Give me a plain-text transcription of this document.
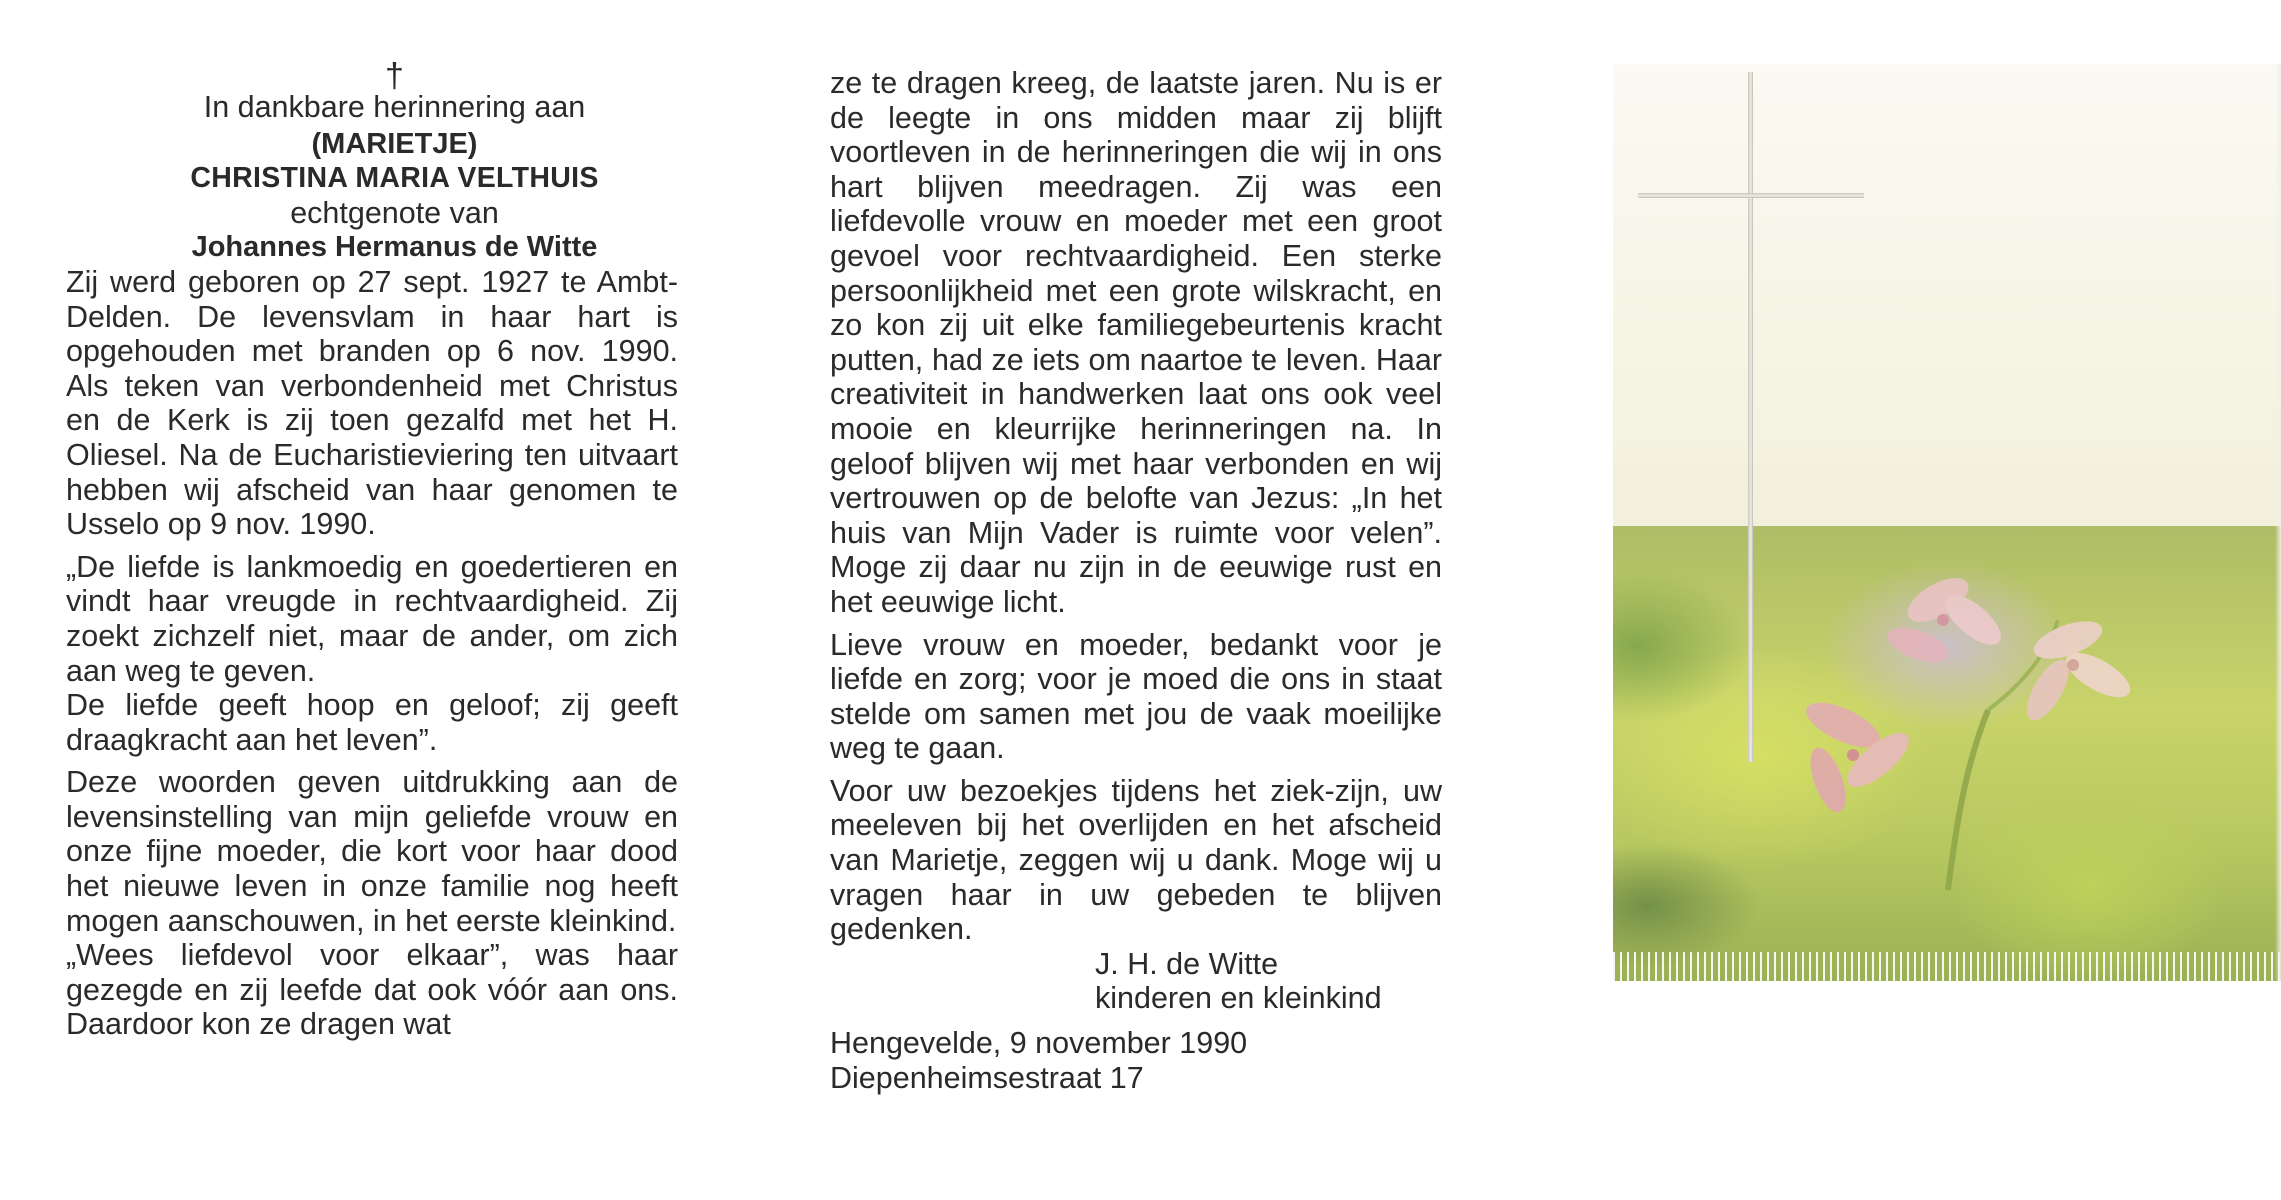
†
In dankbare herinnering aan
(MARIETJE)
CHRISTINA MARIA VELTHUIS
echtgenote van
Johannes Hermanus de Witte

Zij werd geboren op 27 sept. 1927 te Ambt-Delden. De levensvlam in haar hart is opgehouden met branden op 6 nov. 1990. Als teken van verbondenheid met Christus en de Kerk is zij toen gezalfd met het H. Oliesel. Na de Eucharistieviering ten uitvaart hebben wij afscheid van haar genomen te Usselo op 9 nov. 1990.

„De liefde is lankmoedig en goedertieren en vindt haar vreugde in rechtvaardigheid. Zij zoekt zichzelf niet, maar de ander, om zich aan weg te geven.

De liefde geeft hoop en geloof; zij geeft draagkracht aan het leven”.

Deze woorden geven uitdrukking aan de levensinstelling van mijn geliefde vrouw en onze fijne moeder, die kort voor haar dood het nieuwe leven in onze familie nog heeft mogen aanschouwen, in het eerste kleinkind.

„Wees liefdevol voor elkaar”, was haar gezegde en zij leefde dat ook vóór aan ons. Daardoor kon ze dragen wat

ze te dragen kreeg, de laatste jaren. Nu is er de leegte in ons midden maar zij blijft voortleven in de herinneringen die wij in ons hart blijven meedragen. Zij was een liefdevolle vrouw en moeder met een groot gevoel voor rechtvaardigheid. Een sterke persoonlijkheid met een grote wilskracht, en zo kon zij uit elke familiegebeurtenis kracht putten, had ze iets om naartoe te leven. Haar creativiteit in handwerken laat ons ook veel mooie en kleurrijke herinneringen na. In geloof blijven wij met haar verbonden en wij vertrouwen op de belofte van Jezus: „In het huis van Mijn Vader is ruimte voor velen”. Moge zij daar nu zijn in de eeuwige rust en het eeuwige licht.

Lieve vrouw en moeder, bedankt voor je liefde en zorg; voor je moed die ons in staat stelde om samen met jou de vaak moeilijke weg te gaan.

Voor uw bezoekjes tijdens het ziek-zijn, uw meeleven bij het overlijden en het afscheid van Marietje, zeggen wij u dank. Moge wij u vragen haar in uw gebeden te blijven gedenken.

J. H. de Witte
kinderen en kleinkind
Hengevelde, 9 november 1990
Diepenheimsestraat 17
